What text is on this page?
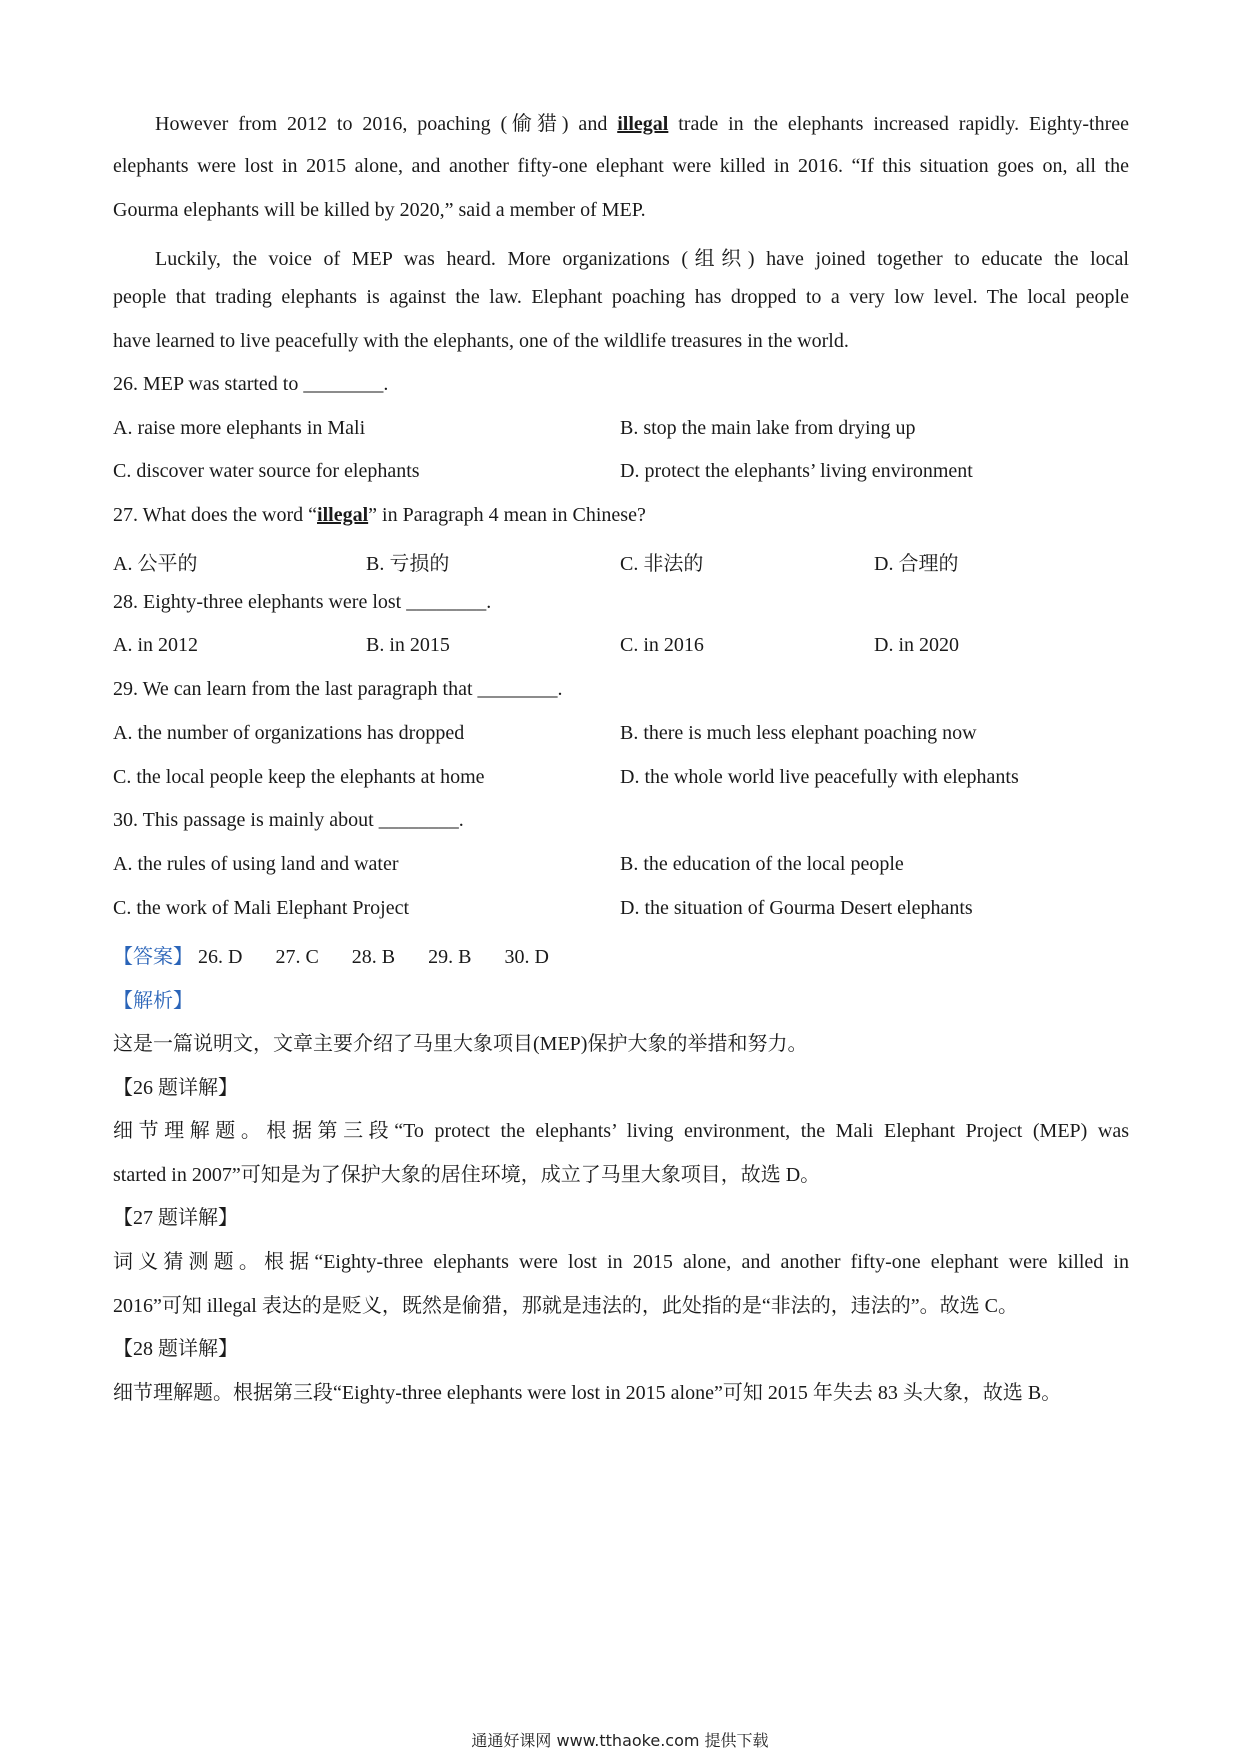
However from 2012 to 2016, poaching (偷猎) and illegal trade in the elephants increased rapidly. Eighty-three
elephants were lost in 2015 alone, and another fifty-one elephant were killed in 2016. “If this situation goes on, all the
Gourma elephants will be killed by 2020,” said a member of MEP.
Luckily, the voice of MEP was heard. More organizations (组织) have joined together to educate the local
people that trading elephants is against the law. Elephant poaching has dropped to a very low level. The local people
have learned to live peacefully with the elephants, one of the wildlife treasures in the world.
26. MEP was started to ________.
A. raise more elephants in Mali	B. stop the main lake from drying up
C. discover water source for elephants	D. protect the elephants’ living environment
27. What does the word “illegal” in Paragraph 4 mean in Chinese?
A. 公平的	B. 亏损的	C. 非法的	D. 合理的
28. Eighty-three elephants were lost ________.
A. in 2012	B. in 2015	C. in 2016	D. in 2020
29. We can learn from the last paragraph that ________.
A. the number of organizations has dropped	B. there is much less elephant poaching now
C. the local people keep the elephants at home	D. the whole world live peacefully with elephants
30. This passage is mainly about ________.
A. the rules of using land and water	B. the education of the local people
C. the work of Mali Elephant Project	D. the situation of Gourma Desert elephants
【答案】 26. D 27. C 28. B 29. B 30. D
【解析】
这是一篇说明文，文章主要介绍了马里大象项目(MEP)保护大象的举措和努力。
【26 题详解】
细节理解题。根据第三段“To protect the elephants’ living environment, the Mali Elephant Project (MEP) was
started in 2007”可知是为了保护大象的居住环境，成立了马里大象项目，故选 D。
【27 题详解】
词义猜测题。根据“Eighty-three elephants were lost in 2015 alone, and another fifty-one elephant were killed in
2016”可知 illegal 表达的是贬义，既然是偷猎，那就是违法的，此处指的是“非法的，违法的”。故选 C。
【28 题详解】
细节理解题。根据第三段“Eighty-three elephants were lost in 2015 alone”可知 2015 年失去 83 头大象，故选 B。
通通好课网 www.tthaoke.com 提供下载
